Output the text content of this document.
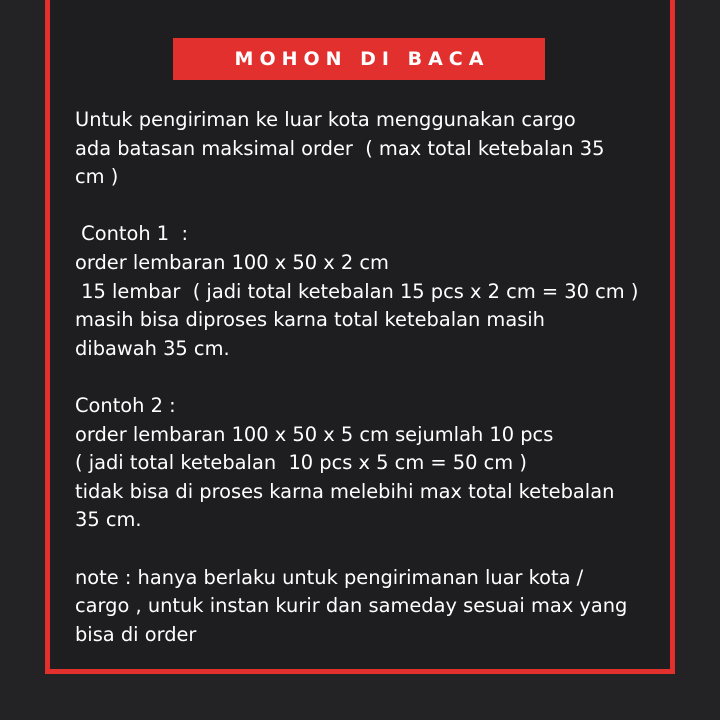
MOHON DI BACA
Untuk pengiriman ke luar kota menggunakan cargo
ada batasan maksimal order  ( max total ketebalan 35
cm )
Contoh 1  :
order lembaran 100 x 50 x 2 cm
15 lembar  ( jadi total ketebalan 15 pcs x 2 cm = 30 cm )
masih bisa diproses karna total ketebalan masih
dibawah 35 cm.
Contoh 2 :
order lembaran 100 x 50 x 5 cm sejumlah 10 pcs
( jadi total ketebalan  10 pcs x 5 cm = 50 cm )
tidak bisa di proses karna melebihi max total ketebalan
35 cm.
note : hanya berlaku untuk pengirimanan luar kota /
cargo , untuk instan kurir dan sameday sesuai max yang
bisa di order
